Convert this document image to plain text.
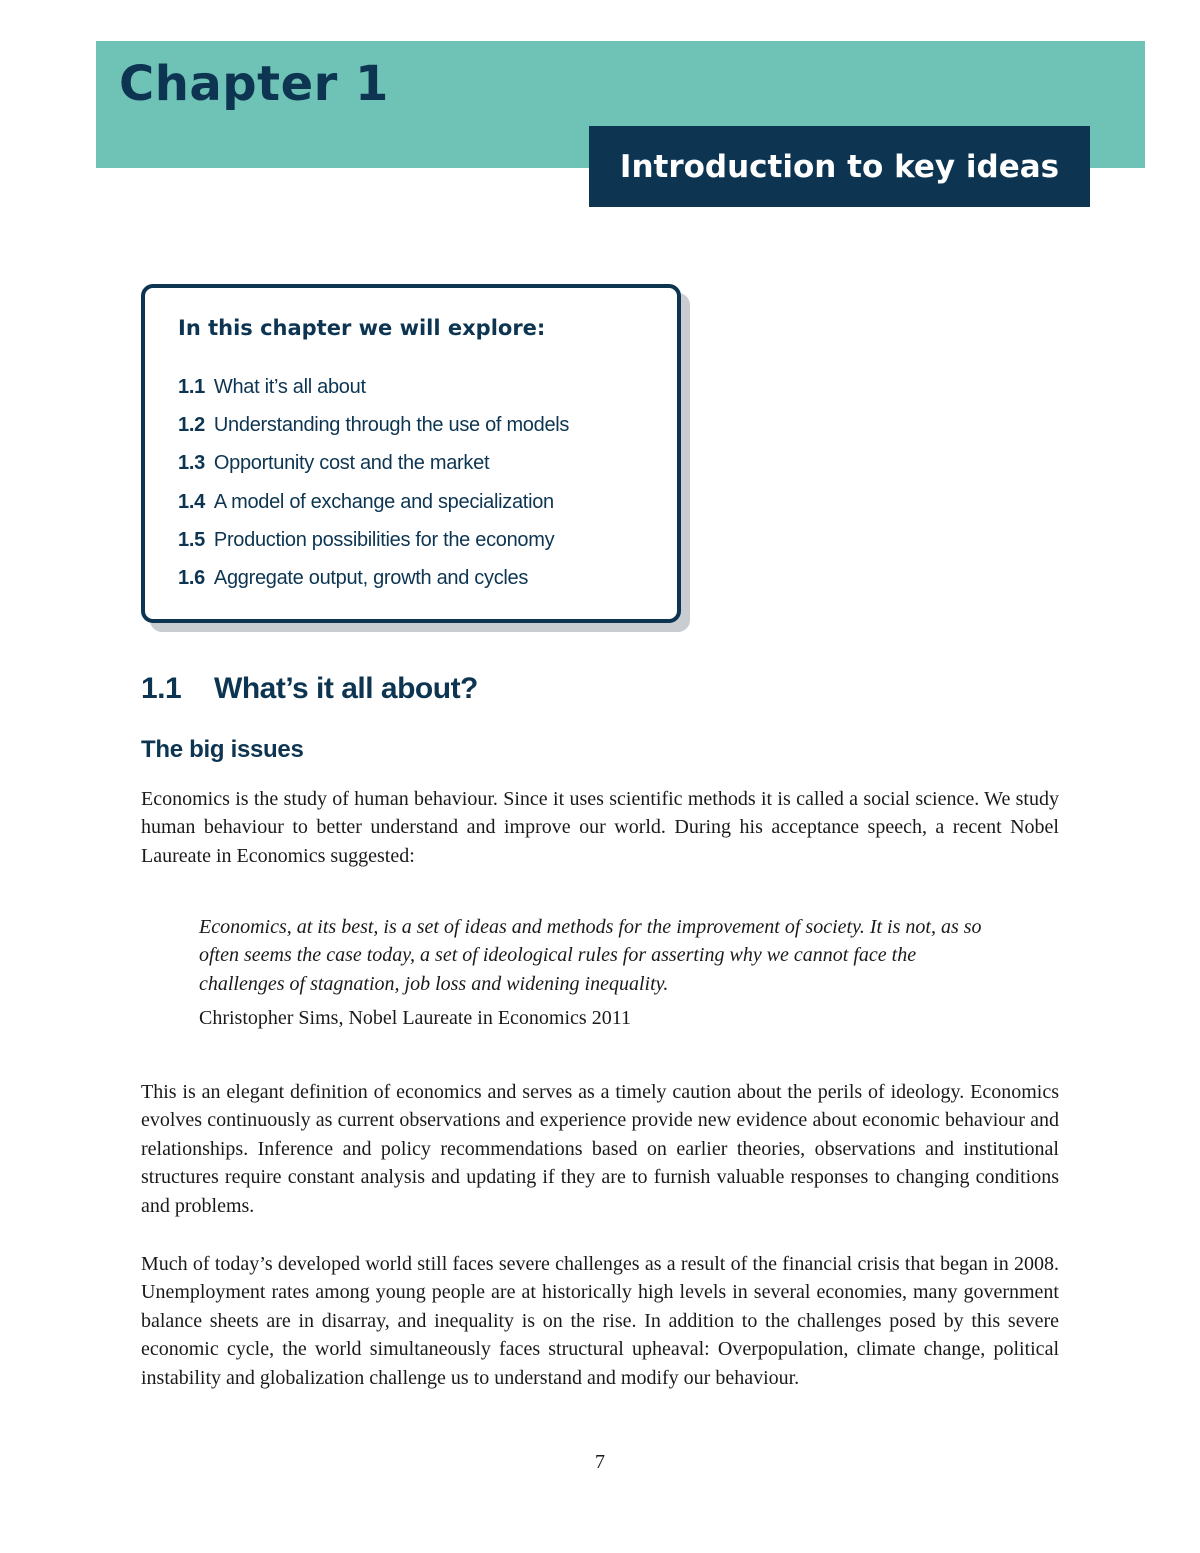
Chapter 1
Introduction to key ideas
In this chapter we will explore:
1.1 What it’s all about
1.2 Understanding through the use of models
1.3 Opportunity cost and the market
1.4 A model of exchange and specialization
1.5 Production possibilities for the economy
1.6 Aggregate output, growth and cycles
1.1 What’s it all about?
The big issues

Economics is the study of human behaviour. Since it uses scientific methods it is called a social science. We study human behaviour to better understand and improve our world. During his acceptance speech, a recent Nobel Laureate in Economics suggested:

Economics, at its best, is a set of ideas and methods for the improvement of society. It is not, as so often seems the case today, a set of ideological rules for asserting why we cannot face the challenges of stagnation, job loss and widening inequality.

Christopher Sims, Nobel Laureate in Economics 2011

This is an elegant definition of economics and serves as a timely caution about the perils of ideology. Economics evolves continuously as current observations and experience provide new evidence about economic behaviour and relationships. Inference and policy recommendations based on earlier theories, observations and institutional structures require constant analysis and updating if they are to furnish valuable responses to changing conditions and problems.

Much of today’s developed world still faces severe challenges as a result of the financial crisis that began in 2008. Unemployment rates among young people are at historically high levels in several economies, many government balance sheets are in disarray, and inequality is on the rise. In addition to the challenges posed by this severe economic cycle, the world simultaneously faces structural upheaval: Overpopulation, climate change, political instability and globalization challenge us to understand and modify our behaviour.

7
